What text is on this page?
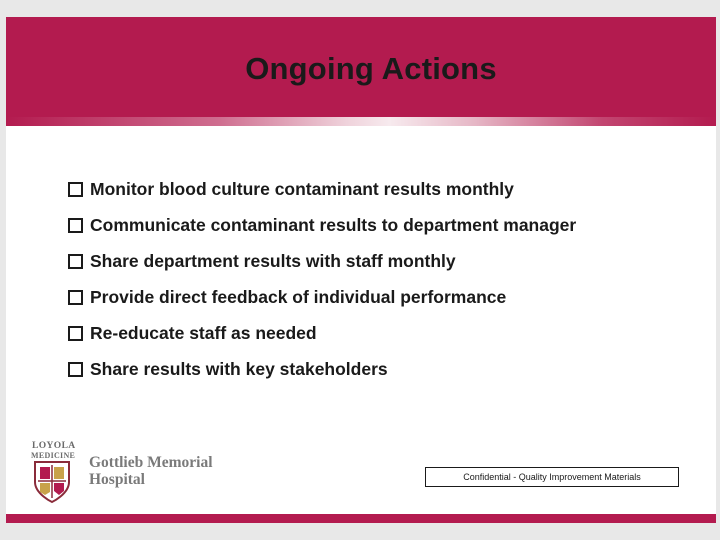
Ongoing Actions
Monitor blood culture contaminant results monthly
Communicate contaminant results to department manager
Share department results with staff monthly
Provide direct feedback of individual performance
Re-educate staff as needed
Share results with key stakeholders
LOYOLA
MEDICINE Gottlieb Memorial
Hospital	Confidential - Quality Improvement Materials
